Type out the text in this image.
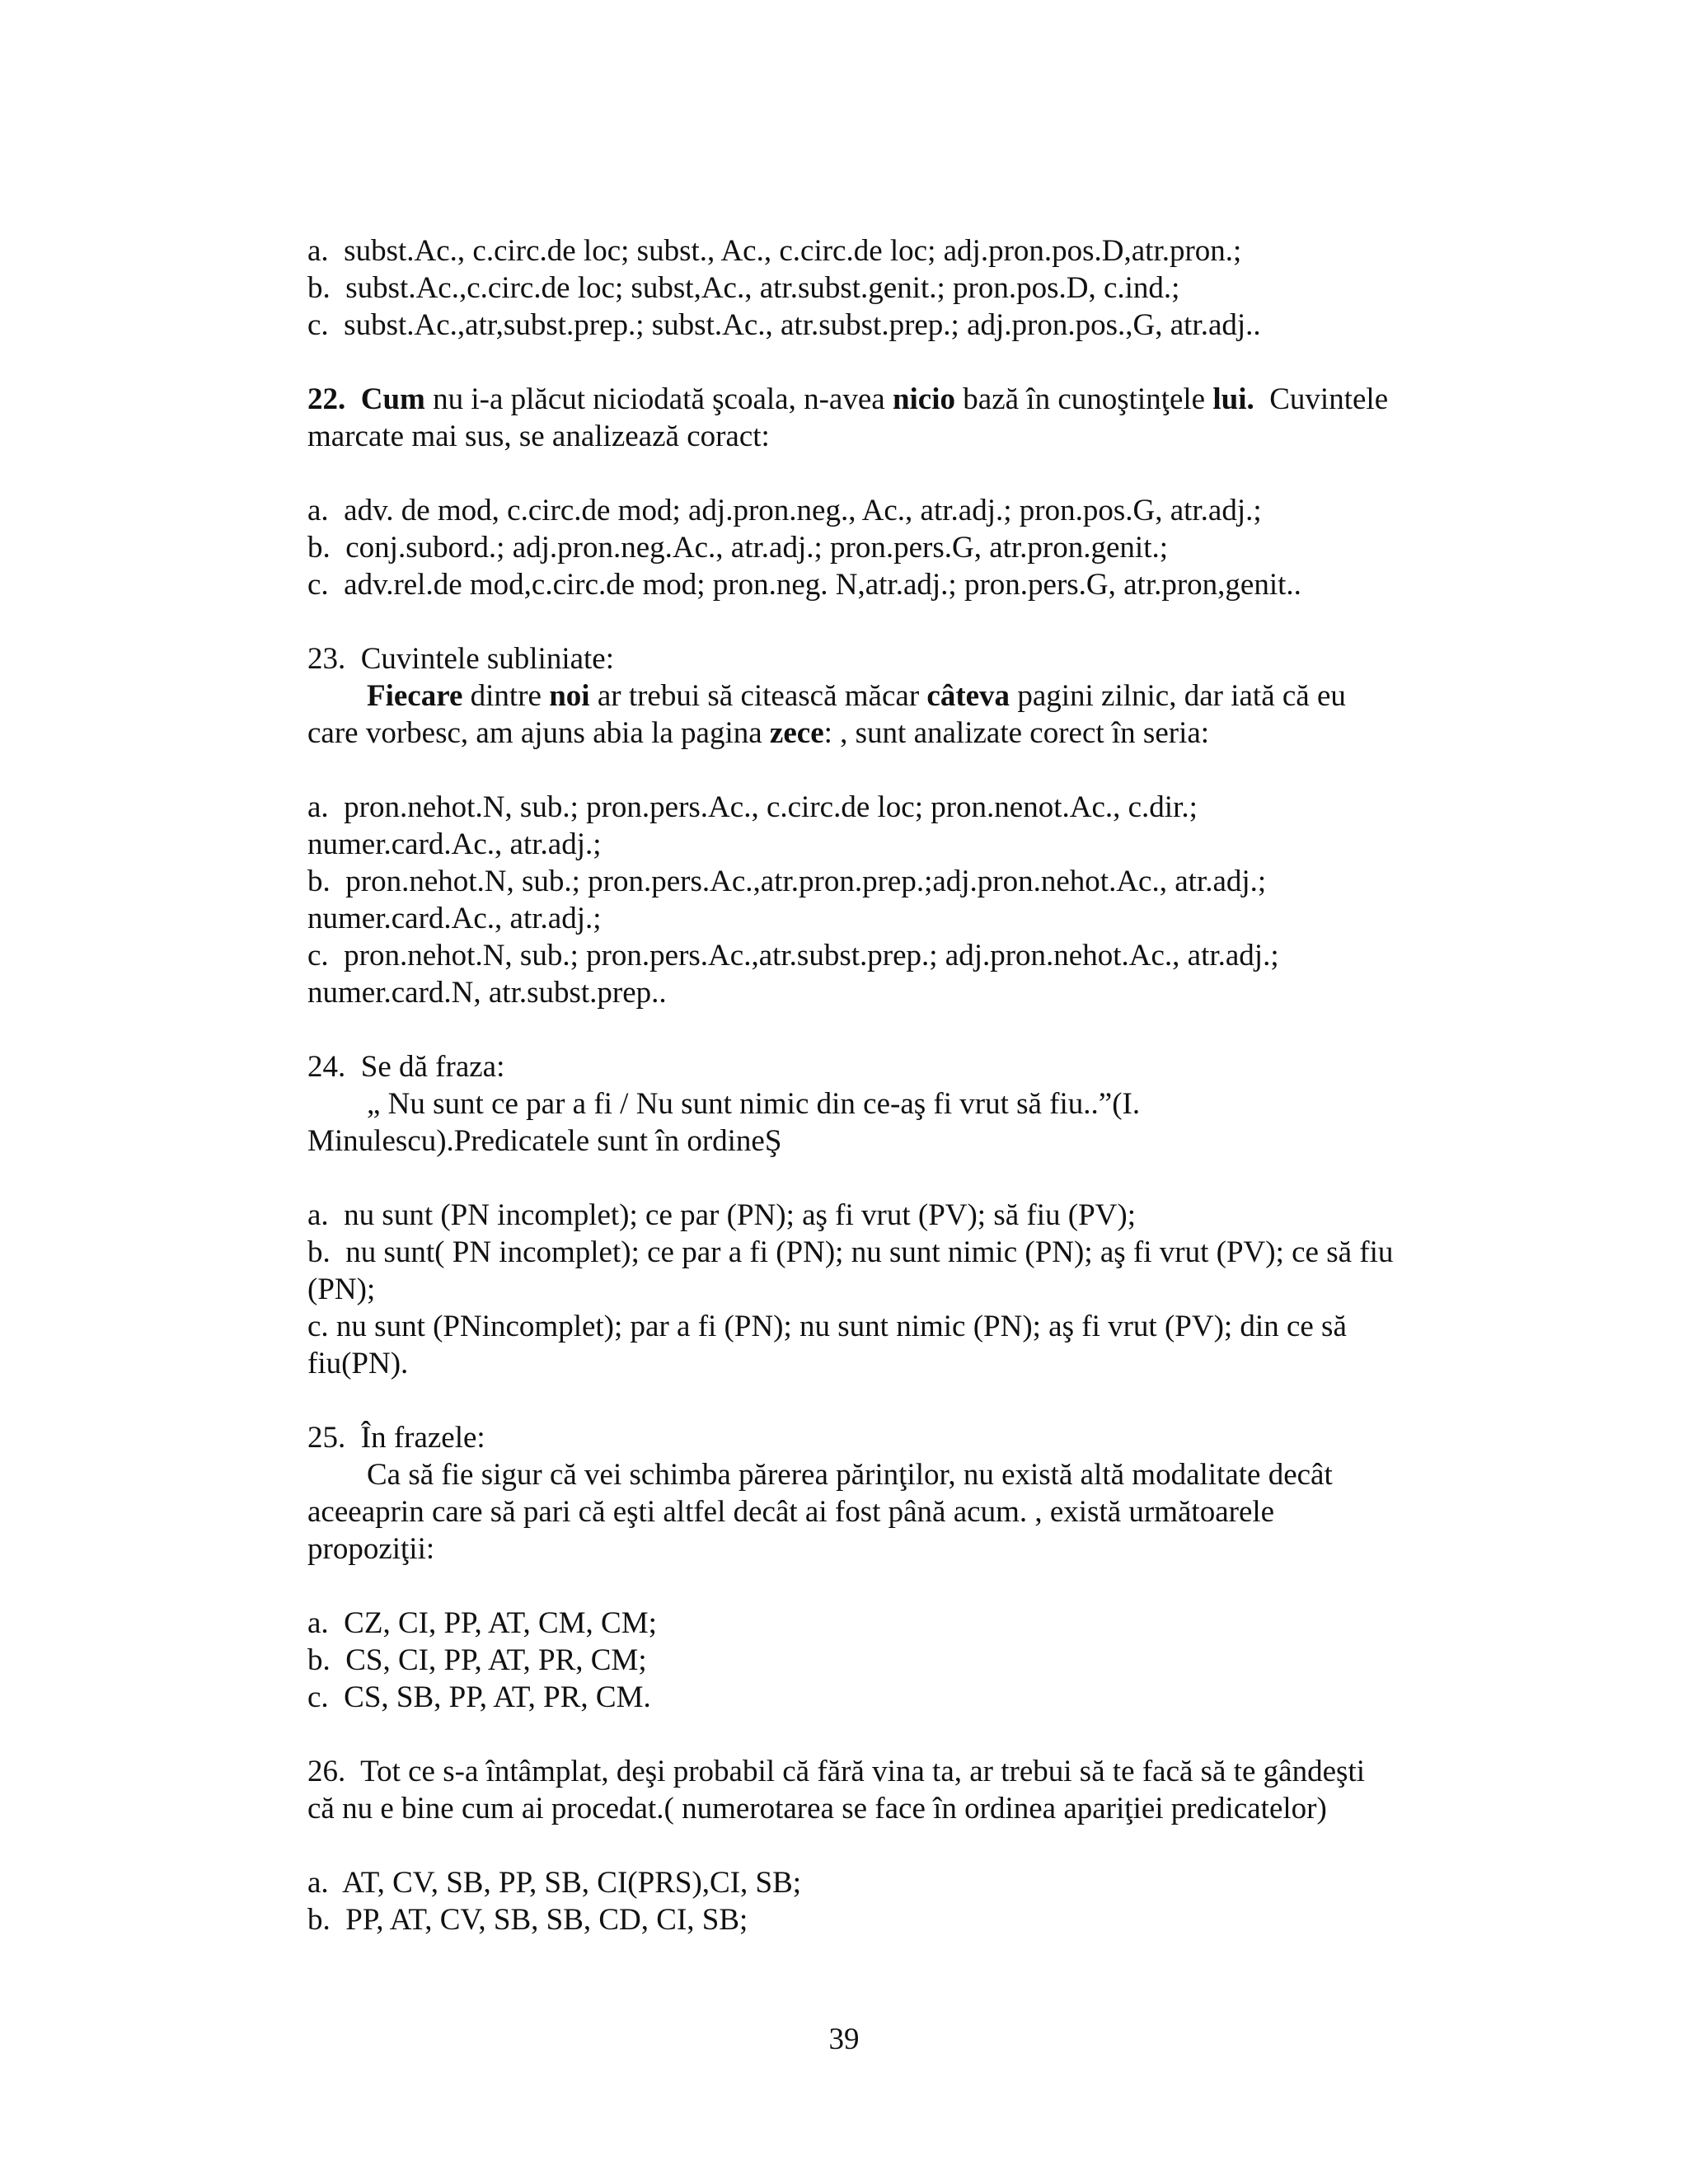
a.  subst.Ac., c.circ.de loc; subst., Ac., c.circ.de loc; adj.pron.pos.D,atr.pron.;
b.  subst.Ac.,c.circ.de loc; subst,Ac., atr.subst.genit.; pron.pos.D, c.ind.;
c.  subst.Ac.,atr,subst.prep.; subst.Ac., atr.subst.prep.; adj.pron.pos.,G, atr.adj..
22. Cum nu i-a plăcut niciodată şcoala, n-avea nicio bază în cunoştinţele lui.  Cuvintele
marcate mai sus, se analizează coract:
a.  adv. de mod, c.circ.de mod; adj.pron.neg., Ac., atr.adj.; pron.pos.G, atr.adj.;
b.  conj.subord.; adj.pron.neg.Ac., atr.adj.; pron.pers.G, atr.pron.genit.;
c.  adv.rel.de mod,c.circ.de mod; pron.neg. N,atr.adj.; pron.pers.G, atr.pron,genit..
23.  Cuvintele subliniate:
Fiecare dintre noi ar trebui să citească măcar câteva pagini zilnic, dar iată că eu
care vorbesc, am ajuns abia la pagina zece: , sunt analizate corect în seria:
a.  pron.nehot.N, sub.; pron.pers.Ac., c.circ.de loc; pron.nenot.Ac., c.dir.;
numer.card.Ac., atr.adj.;
b.  pron.nehot.N, sub.; pron.pers.Ac.,atr.pron.prep.;adj.pron.nehot.Ac., atr.adj.;
numer.card.Ac., atr.adj.;
c.  pron.nehot.N, sub.; pron.pers.Ac.,atr.subst.prep.; adj.pron.nehot.Ac., atr.adj.;
numer.card.N, atr.subst.prep..
24.  Se dă fraza:
„ Nu sunt ce par a fi / Nu sunt nimic din ce-aş fi vrut să fiu..”(I.
Minulescu).Predicatele sunt în ordineŞ
a.  nu sunt (PN incomplet); ce par (PN); aş fi vrut (PV); să fiu (PV);
b.  nu sunt( PN incomplet); ce par a fi (PN); nu sunt nimic (PN); aş fi vrut (PV); ce să fiu
(PN);
c. nu sunt (PNincomplet); par a fi (PN); nu sunt nimic (PN); aş fi vrut (PV); din ce să
fiu(PN).
25.  În frazele:
Ca să fie sigur că vei schimba părerea părinţilor, nu există altă modalitate decât
aceeaprin care să pari că eşti altfel decât ai fost până acum. , există următoarele
propoziţii:
a.  CZ, CI, PP, AT, CM, CM;
b.  CS, CI, PP, AT, PR, CM;
c.  CS, SB, PP, AT, PR, CM.
26.  Tot ce s-a întâmplat, deşi probabil că fără vina ta, ar trebui să te facă să te gândeşti
că nu e bine cum ai procedat.( numerotarea se face în ordinea apariţiei predicatelor)
a.  AT, CV, SB, PP, SB, CI(PRS),CI, SB;
b.  PP, AT, CV, SB, SB, CD, CI, SB;
39
